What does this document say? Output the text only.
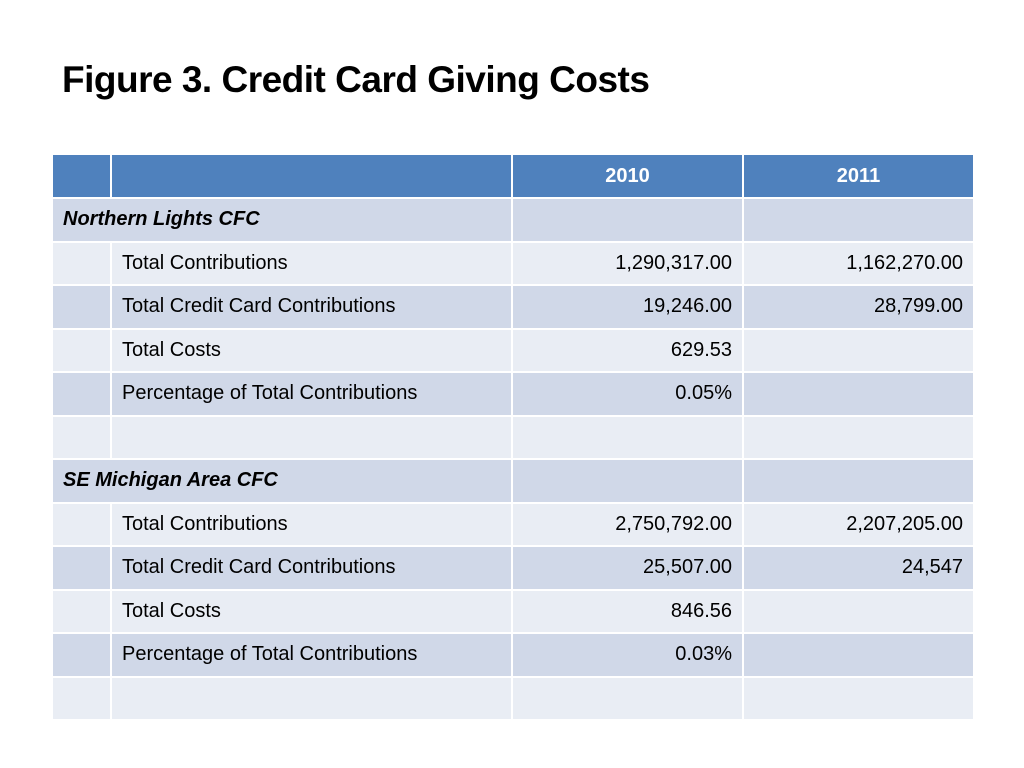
Figure 3. Credit Card Giving Costs
		2010	2011
Northern Lights CFC			
	Total Contributions	1,290,317.00	1,162,270.00
	Total Credit Card Contributions	19,246.00	28,799.00
	Total Costs	629.53	
	Percentage of Total Contributions	0.05%	

SE Michigan Area CFC			
	Total Contributions	2,750,792.00	2,207,205.00
	Total Credit Card Contributions	25,507.00	24,547
	Total Costs	846.56	
	Percentage of Total Contributions	0.03%	
